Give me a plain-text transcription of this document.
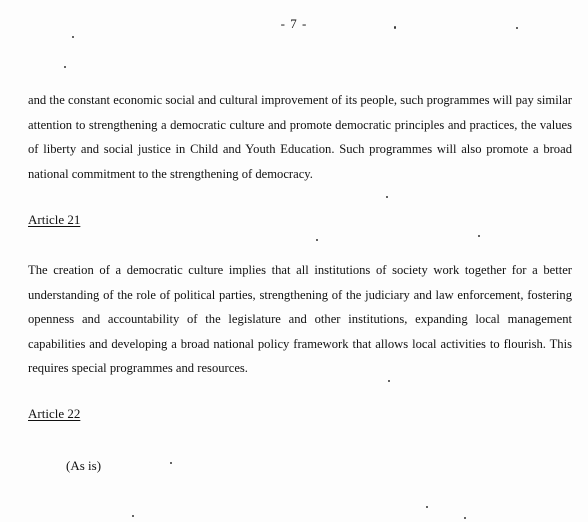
- 7 -

and the constant economic social and cultural improvement of its people, such programmes will pay similar attention to strengthening a democratic culture and promote democratic principles and practices, the values of liberty and social justice in Child and Youth Education. Such programmes will also promote a broad national commitment to the strengthening of democracy.

Article 21

The creation of a democratic culture implies that all institutions of society work together for a better understanding of the role of political parties, strengthening of the judiciary and law enforcement, fostering openness and accountability of the legislature and other institutions, expanding local management capabilities and developing a broad national policy framework that allows local activities to flourish. This requires special programmes and resources.

Article 22

(As is)
